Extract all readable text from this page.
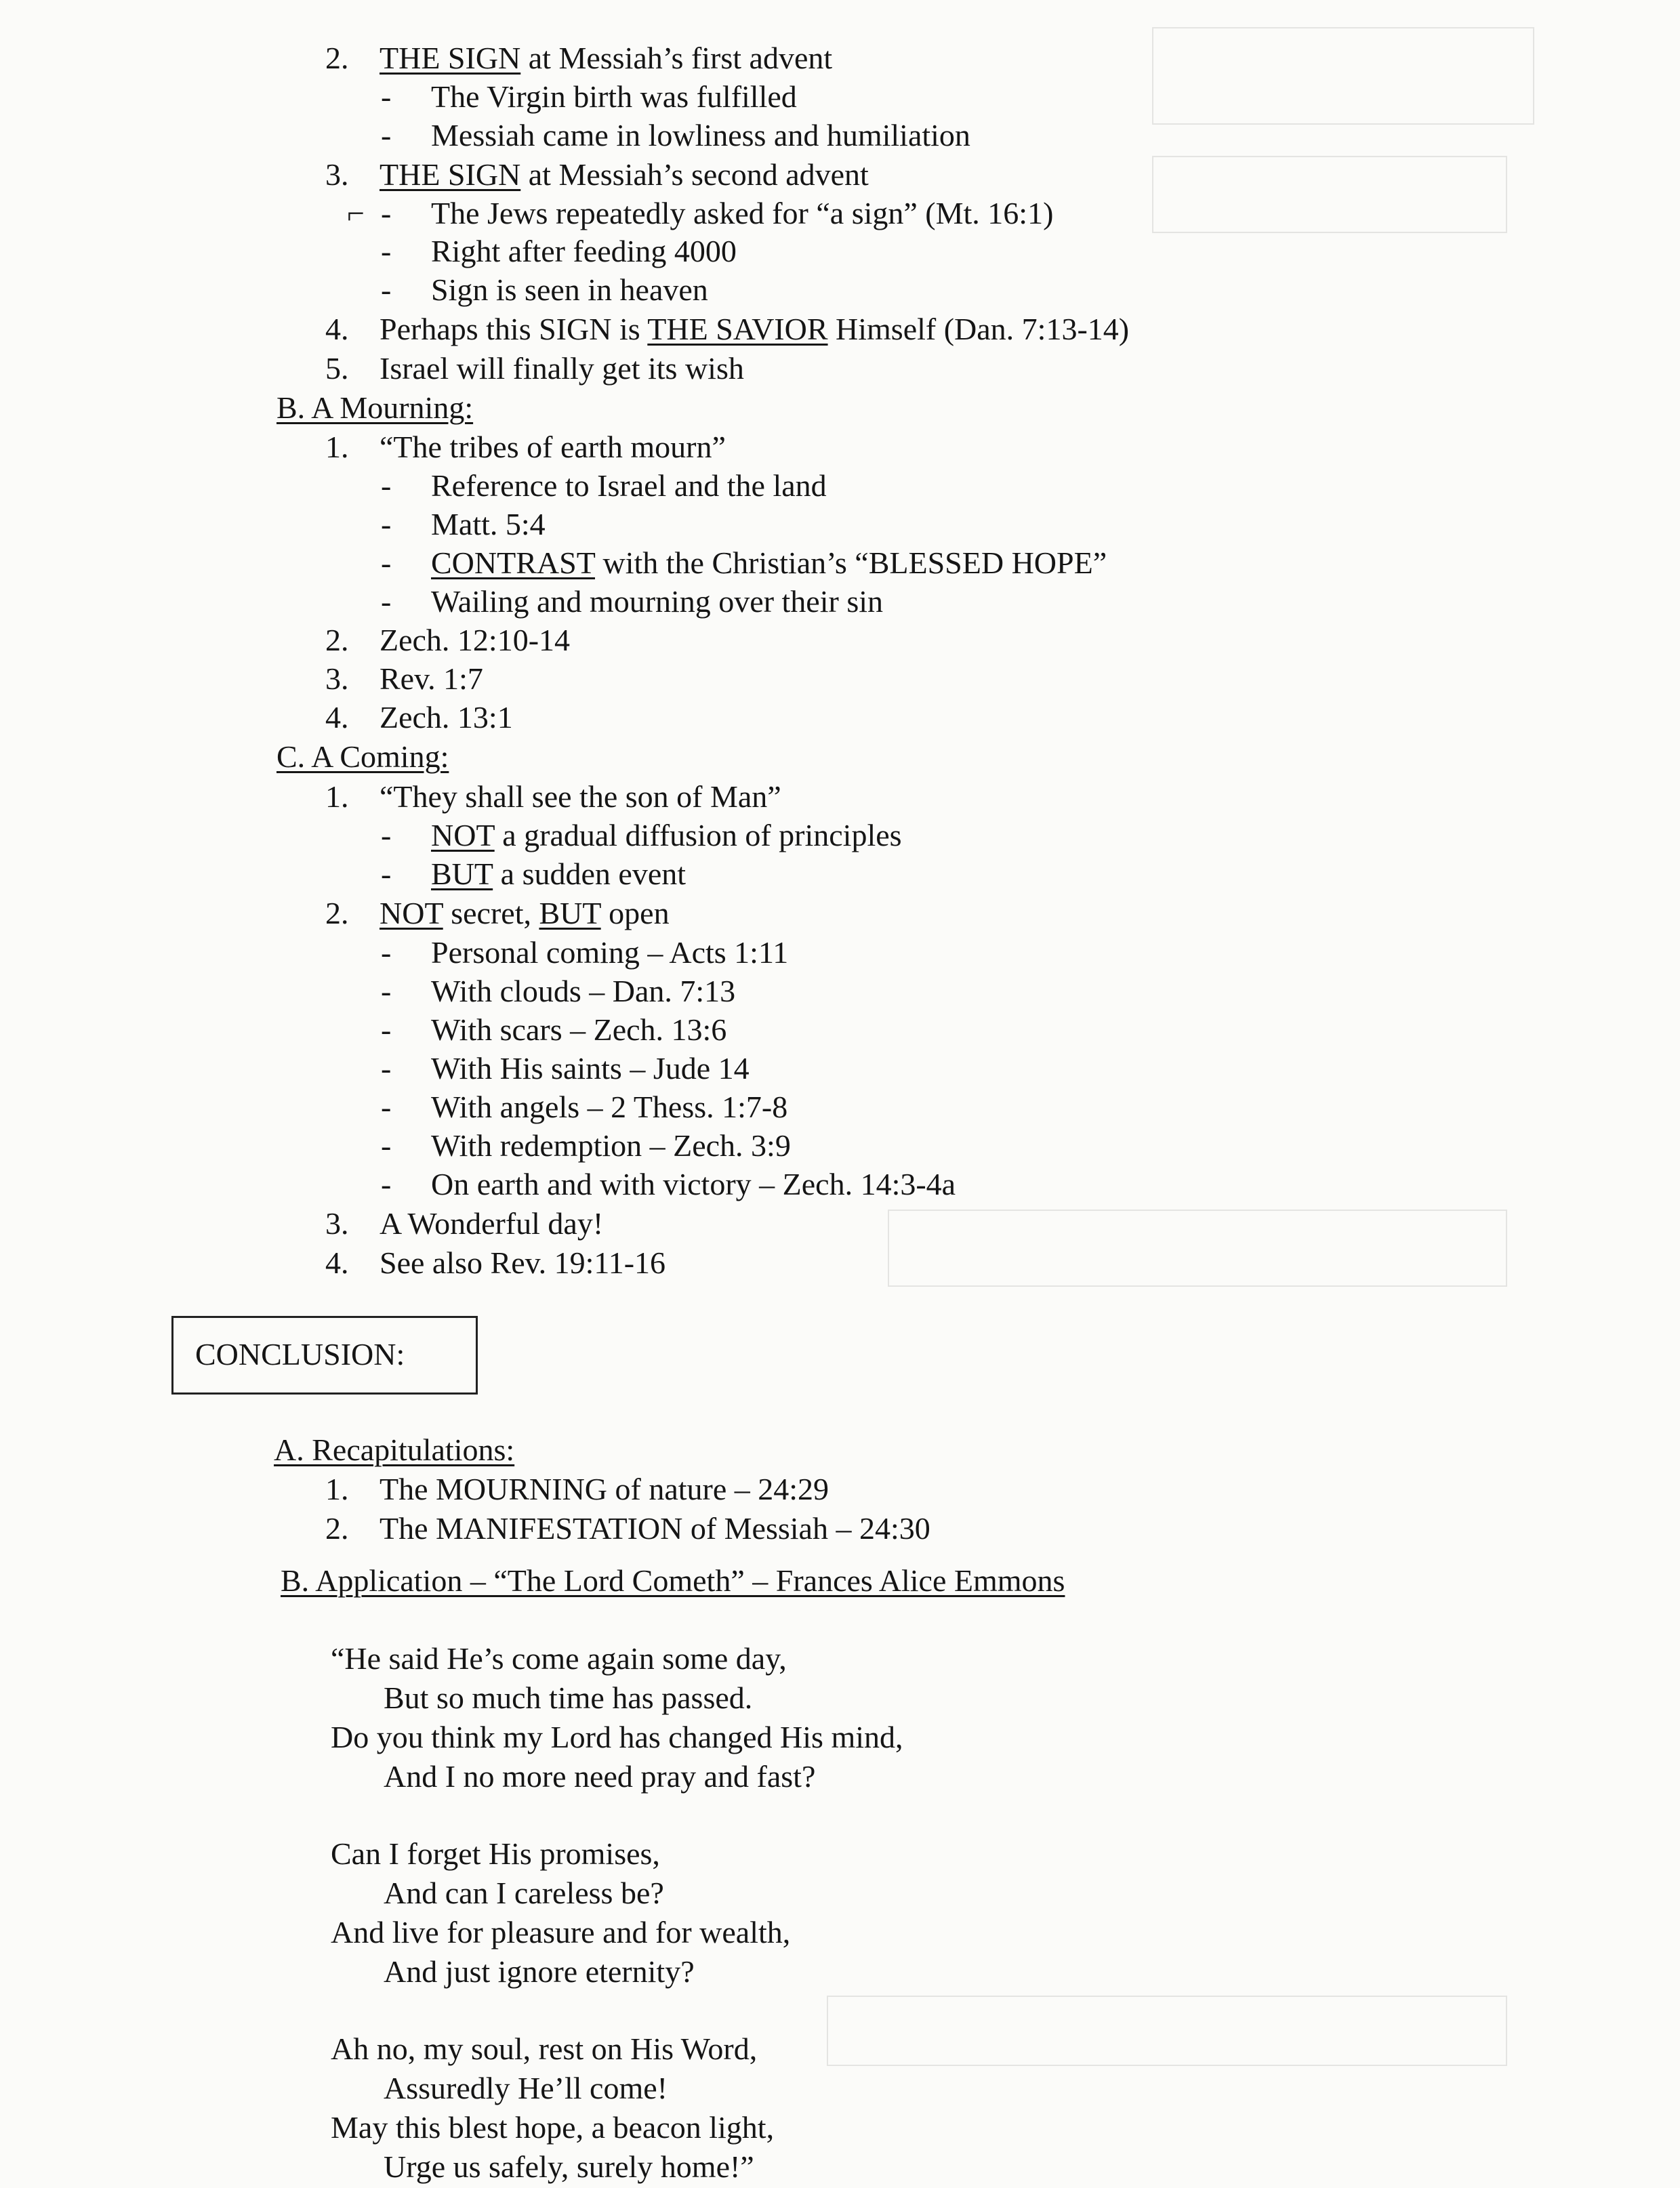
2. THE SIGN at Messiah’s first advent
- The Virgin birth was fulfilled
- Messiah came in lowliness and humiliation
3. THE SIGN at Messiah’s second advent
⌐ - The Jews repeatedly asked for “a sign” (Mt. 16:1)
- Right after feeding 4000
- Sign is seen in heaven
4. Perhaps this SIGN is THE SAVIOR Himself (Dan. 7:13-14)
5. Israel will finally get its wish
B. A Mourning:
1. “The tribes of earth mourn”
- Reference to Israel and the land
- Matt. 5:4
- CONTRAST with the Christian’s “BLESSED HOPE”
- Wailing and mourning over their sin
2. Zech. 12:10-14
3. Rev. 1:7
4. Zech. 13:1
C. A Coming:
1. “They shall see the son of Man”
- NOT a gradual diffusion of principles
- BUT a sudden event
2. NOT secret, BUT open
- Personal coming – Acts 1:11
- With clouds – Dan. 7:13
- With scars – Zech. 13:6
- With His saints – Jude 14
- With angels – 2 Thess. 1:7-8
- With redemption – Zech. 3:9
- On earth and with victory – Zech. 14:3-4a
3. A Wonderful day!
4. See also Rev. 19:11-16
CONCLUSION:
A. Recapitulations:
1. The MOURNING of nature – 24:29
2. The MANIFESTATION of Messiah – 24:30
B. Application – “The Lord Cometh” – Frances Alice Emmons
“He said He’s come again some day,
But so much time has passed.
Do you think my Lord has changed His mind,
And I no more need pray and fast?
Can I forget His promises,
And can I careless be?
And live for pleasure and for wealth,
And just ignore eternity?
Ah no, my soul, rest on His Word,
Assuredly He’ll come!
May this blest hope, a beacon light,
Urge us safely, surely home!”
